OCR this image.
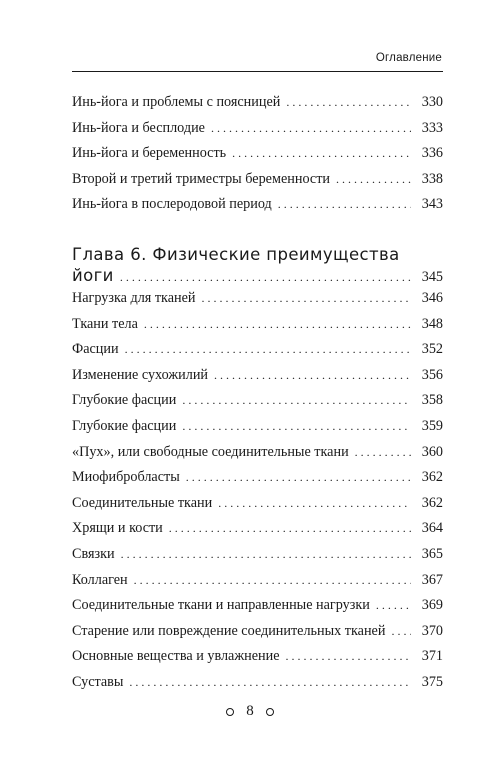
Оглавление
Инь-йога и проблемы с поясницей . . .	330
Инь-йога и бесплодие . . .	333
Инь-йога и беременность . . .	336
Второй и третий триместры беременности . . .	338
Инь-йога в послеродовой период . . .	343
Глава 6. Физические преимущества
йоги . . .	345
Нагрузка для тканей . . .	346
Ткани тела . . .	348
Фасции . . .	352
Изменение сухожилий . . .	356
Глубокие фасции . . .	358
Глубокие фасции . . .	359
«Пух», или свободные соединительные ткани . . .	360
Миофибробласты . . .	362
Соединительные ткани . . .	362
Хрящи и кости . . .	364
Связки . . .	365
Коллаген . . .	367
Соединительные ткани и направленные нагрузки . . .	369
Старение или повреждение соединительных тканей . . .	370
Основные вещества и увлажнение . . .	371
Суставы . . .	375
8
